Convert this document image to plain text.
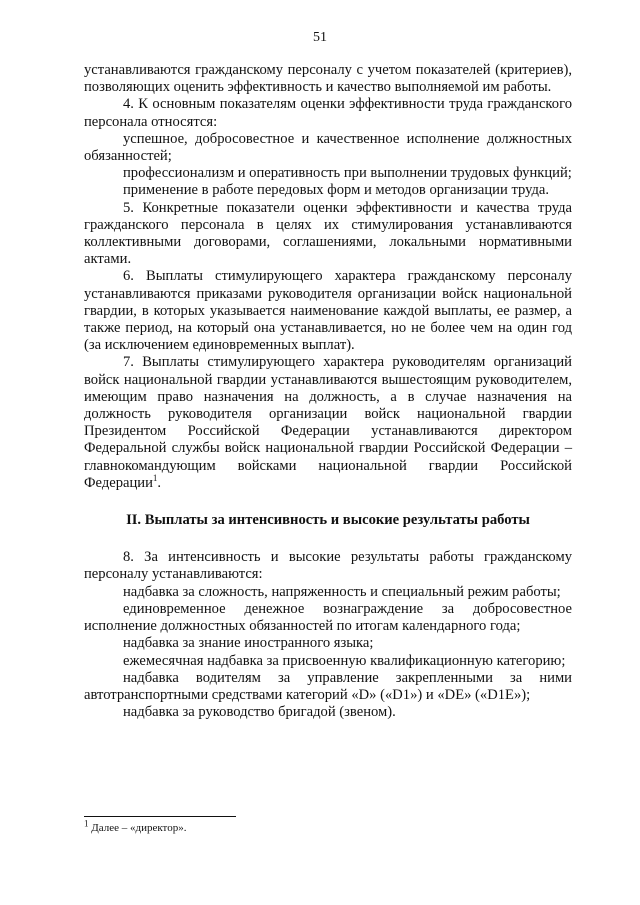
51

устанавливаются гражданскому персоналу с учетом показателей (критериев), позволяющих оценить эффективность и качество выполняемой им работы.

4. К основным показателям оценки эффективности труда гражданского персонала относятся:

успешное, добросовестное и качественное исполнение должностных обязанностей;

профессионализм и оперативность при выполнении трудовых функций;

применение в работе передовых форм и методов организации труда.

5. Конкретные показатели оценки эффективности и качества труда гражданского персонала в целях их стимулирования устанавливаются коллективными договорами, соглашениями, локальными нормативными актами.

6. Выплаты стимулирующего характера гражданскому персоналу устанавливаются приказами руководителя организации войск национальной гвардии, в которых указывается наименование каждой выплаты, ее размер, а также период, на который она устанавливается, но не более чем на один год (за исключением единовременных выплат).

7. Выплаты стимулирующего характера руководителям организаций войск национальной гвардии устанавливаются вышестоящим руководителем, имеющим право назначения на должность, а в случае назначения на должность руководителя организации войск национальной гвардии Президентом Российской Федерации устанавливаются директором Федеральной службы войск национальной гвардии Российской Федерации – главнокомандующим войсками национальной гвардии Российской Федерации$^1$.

II. Выплаты за интенсивность и высокие результаты работы

8. За интенсивность и высокие результаты работы гражданскому персоналу устанавливаются:

надбавка за сложность, напряженность и специальный режим работы;

единовременное денежное вознаграждение за добросовестное исполнение должностных обязанностей по итогам календарного года;

надбавка за знание иностранного языка;

ежемесячная надбавка за присвоенную квалификационную категорию;

надбавка водителям за управление закрепленными за ними автотранспортными средствами категорий «D» («D1») и «DE» («D1E»);

надбавка за руководство бригадой (звеном).

$^1$ Далее – «директор».
